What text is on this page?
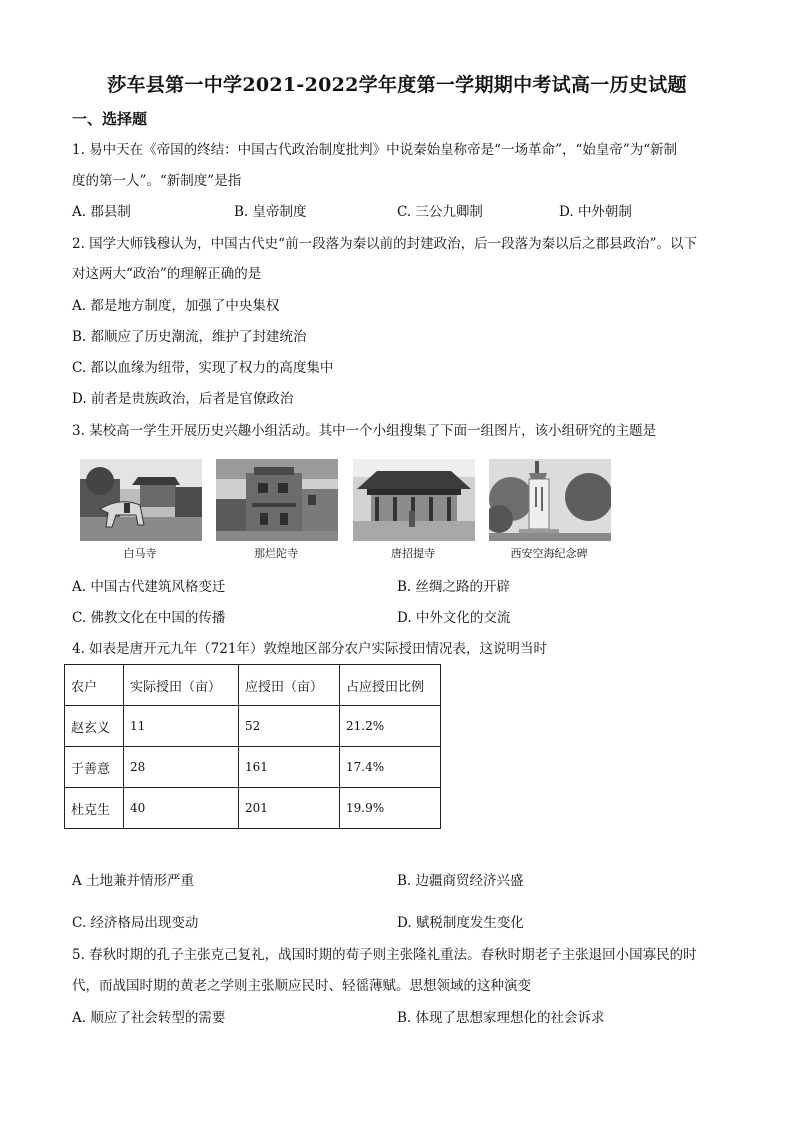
莎车县第一中学2021-2022学年度第一学期期中考试高一历史试题
一、选择题
1. 易中天在《帝国的终结：中国古代政治制度批判》中说秦始皇称帝是“一场革命”，“始皇帝”为“新制
度的第一人”。“新制度”是指
A. 郡县制	B. 皇帝制度	C. 三公九卿制	D. 中外朝制
2. 国学大师钱穆认为，中国古代史“前一段落为秦以前的封建政治，后一段落为秦以后之郡县政治”。以下
对这两大“政治”的理解正确的是
A. 都是地方制度，加强了中央集权
B. 都顺应了历史潮流，维护了封建统治
C. 都以血缘为纽带，实现了权力的高度集中
D. 前者是贵族政治，后者是官僚政治
3. 某校高一学生开展历史兴趣小组活动。其中一个小组搜集了下面一组图片，该小组研究的主题是
白马寺	那烂陀寺	唐招提寺	西安空海纪念碑
A. 中国古代建筑风格变迁	B. 丝绸之路的开辟
C. 佛教文化在中国的传播	D. 中外文化的交流
4. 如表是唐开元九年（721年）敦煌地区部分农户实际授田情况表，这说明当时
农户	实际授田（亩）	应授田（亩）	占应授田比例
赵玄义	11	52	21.2%
于善意	28	161	17.4%
杜克生	40	201	19.9%
A 土地兼并情形严重	B. 边疆商贸经济兴盛
C. 经济格局出现变动	D. 赋税制度发生变化
5. 春秋时期的孔子主张克己复礼，战国时期的荀子则主张隆礼重法。春秋时期老子主张退回小国寡民的时
代，而战国时期的黄老之学则主张顺应民时、轻徭薄赋。思想领域的这种演变
A. 顺应了社会转型的需要	B. 体现了思想家理想化的社会诉求
